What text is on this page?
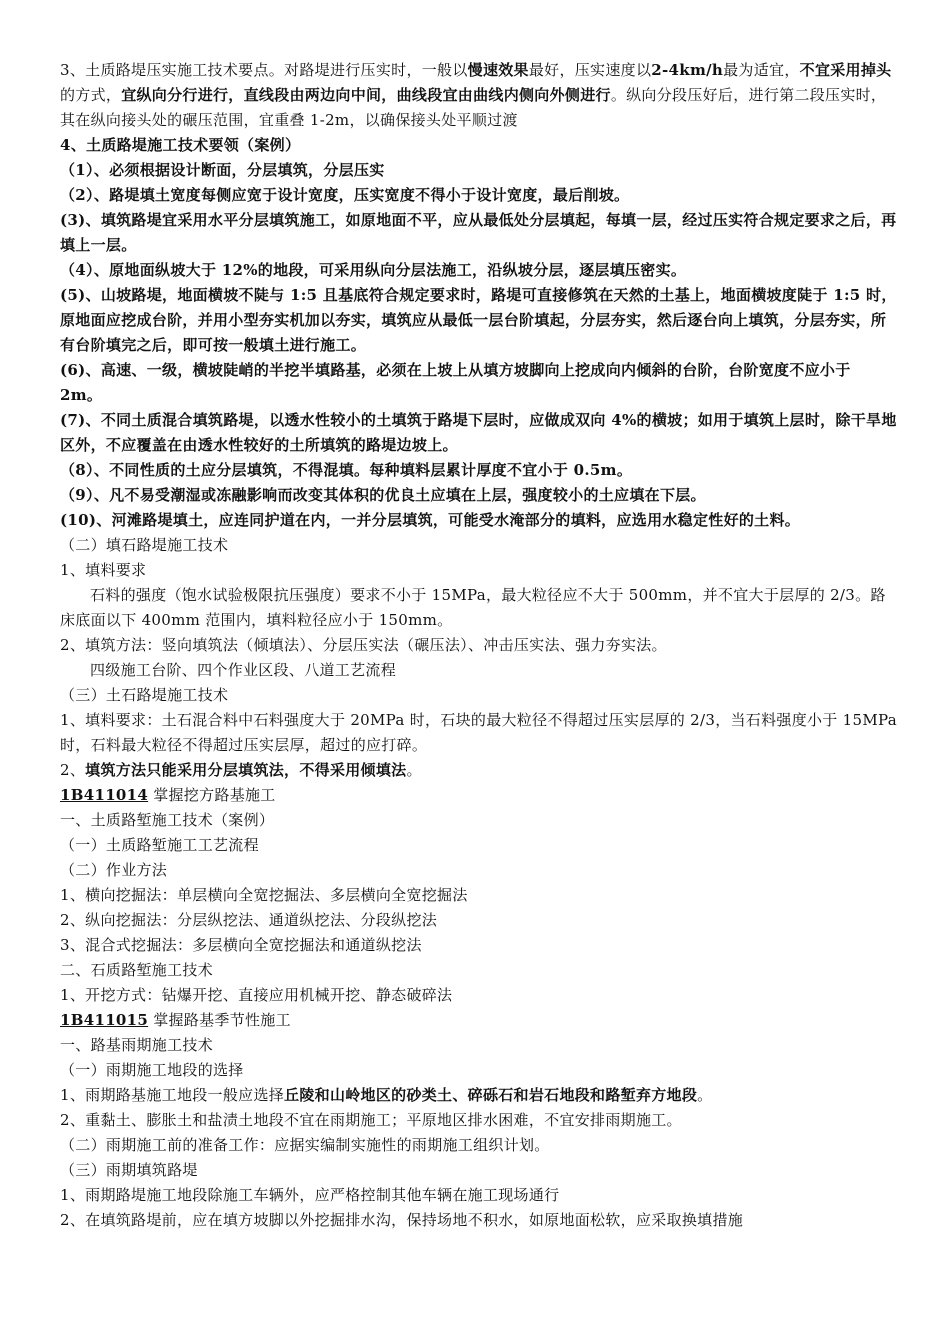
3、土质路堤压实施工技术要点。对路堤进行压实时，一般以慢速效果最好，压实速度以2-4km/h最为适宜，不宜采用掉头的方式，宜纵向分行进行，直线段由两边向中间，曲线段宜由曲线内侧向外侧进行。纵向分段压好后，进行第二段压实时，其在纵向接头处的碾压范围，宜重叠 1-2m，以确保接头处平顺过渡
4、土质路堤施工技术要领（案例）
（1）、必须根据设计断面，分层填筑，分层压实
（2）、路堤填土宽度每侧应宽于设计宽度，压实宽度不得小于设计宽度，最后削坡。
(3)、填筑路堤宜采用水平分层填筑施工，如原地面不平，应从最低处分层填起，每填一层，经过压实符合规定要求之后，再填上一层。
（4）、原地面纵坡大于 12%的地段，可采用纵向分层法施工，沿纵坡分层，逐层填压密实。
(5)、山坡路堤，地面横坡不陡与 1:5 且基底符合规定要求时，路堤可直接修筑在天然的土基上，地面横坡度陡于 1:5 时，原地面应挖成台阶，并用小型夯实机加以夯实，填筑应从最低一层台阶填起，分层夯实，然后逐台向上填筑，分层夯实，所有台阶填完之后，即可按一般填土进行施工。
(6)、高速、一级，横坡陡峭的半挖半填路基，必须在上坡上从填方坡脚向上挖成向内倾斜的台阶，台阶宽度不应小于 2m。
(7)、不同土质混合填筑路堤，以透水性较小的土填筑于路堤下层时，应做成双向 4%的横坡；如用于填筑上层时，除干旱地区外，不应覆盖在由透水性较好的土所填筑的路堤边坡上。
（8）、不同性质的土应分层填筑，不得混填。每种填料层累计厚度不宜小于 0.5m。
（9）、凡不易受潮湿或冻融影响而改变其体积的优良土应填在上层，强度较小的土应填在下层。
(10)、河滩路堤填土，应连同护道在内，一并分层填筑，可能受水淹部分的填料，应选用水稳定性好的土料。
（二）填石路堤施工技术
1、填料要求
石料的强度（饱水试验极限抗压强度）要求不小于 15MPa，最大粒径应不大于 500mm，并不宜大于层厚的 2/3。路床底面以下 400mm 范围内，填料粒径应小于 150mm。
2、填筑方法：竖向填筑法（倾填法）、分层压实法（碾压法）、冲击压实法、强力夯实法。
四级施工台阶、四个作业区段、八道工艺流程
（三）土石路堤施工技术
1、填料要求：土石混合料中石料强度大于 20MPa 时，石块的最大粒径不得超过压实层厚的 2/3，当石料强度小于 15MPa 时，石料最大粒径不得超过压实层厚，超过的应打碎。
2、填筑方法只能采用分层填筑法，不得采用倾填法。
1B411014 掌握挖方路基施工
一、土质路堑施工技术（案例）
（一）土质路堑施工工艺流程
（二）作业方法
1、横向挖掘法：单层横向全宽挖掘法、多层横向全宽挖掘法
2、纵向挖掘法：分层纵挖法、通道纵挖法、分段纵挖法
3、混合式挖掘法：多层横向全宽挖掘法和通道纵挖法
二、石质路堑施工技术
1、开挖方式：钻爆开挖、直接应用机械开挖、静态破碎法
1B411015 掌握路基季节性施工
一、路基雨期施工技术
（一）雨期施工地段的选择
1、雨期路基施工地段一般应选择丘陵和山岭地区的砂类土、碎砾石和岩石地段和路堑弃方地段。
2、重黏土、膨胀土和盐渍土地段不宜在雨期施工；平原地区排水困难，不宜安排雨期施工。
（二）雨期施工前的准备工作：应据实编制实施性的雨期施工组织计划。
（三）雨期填筑路堤
1、雨期路堤施工地段除施工车辆外，应严格控制其他车辆在施工现场通行
2、在填筑路堤前，应在填方坡脚以外挖掘排水沟，保持场地不积水，如原地面松软，应采取换填措施
